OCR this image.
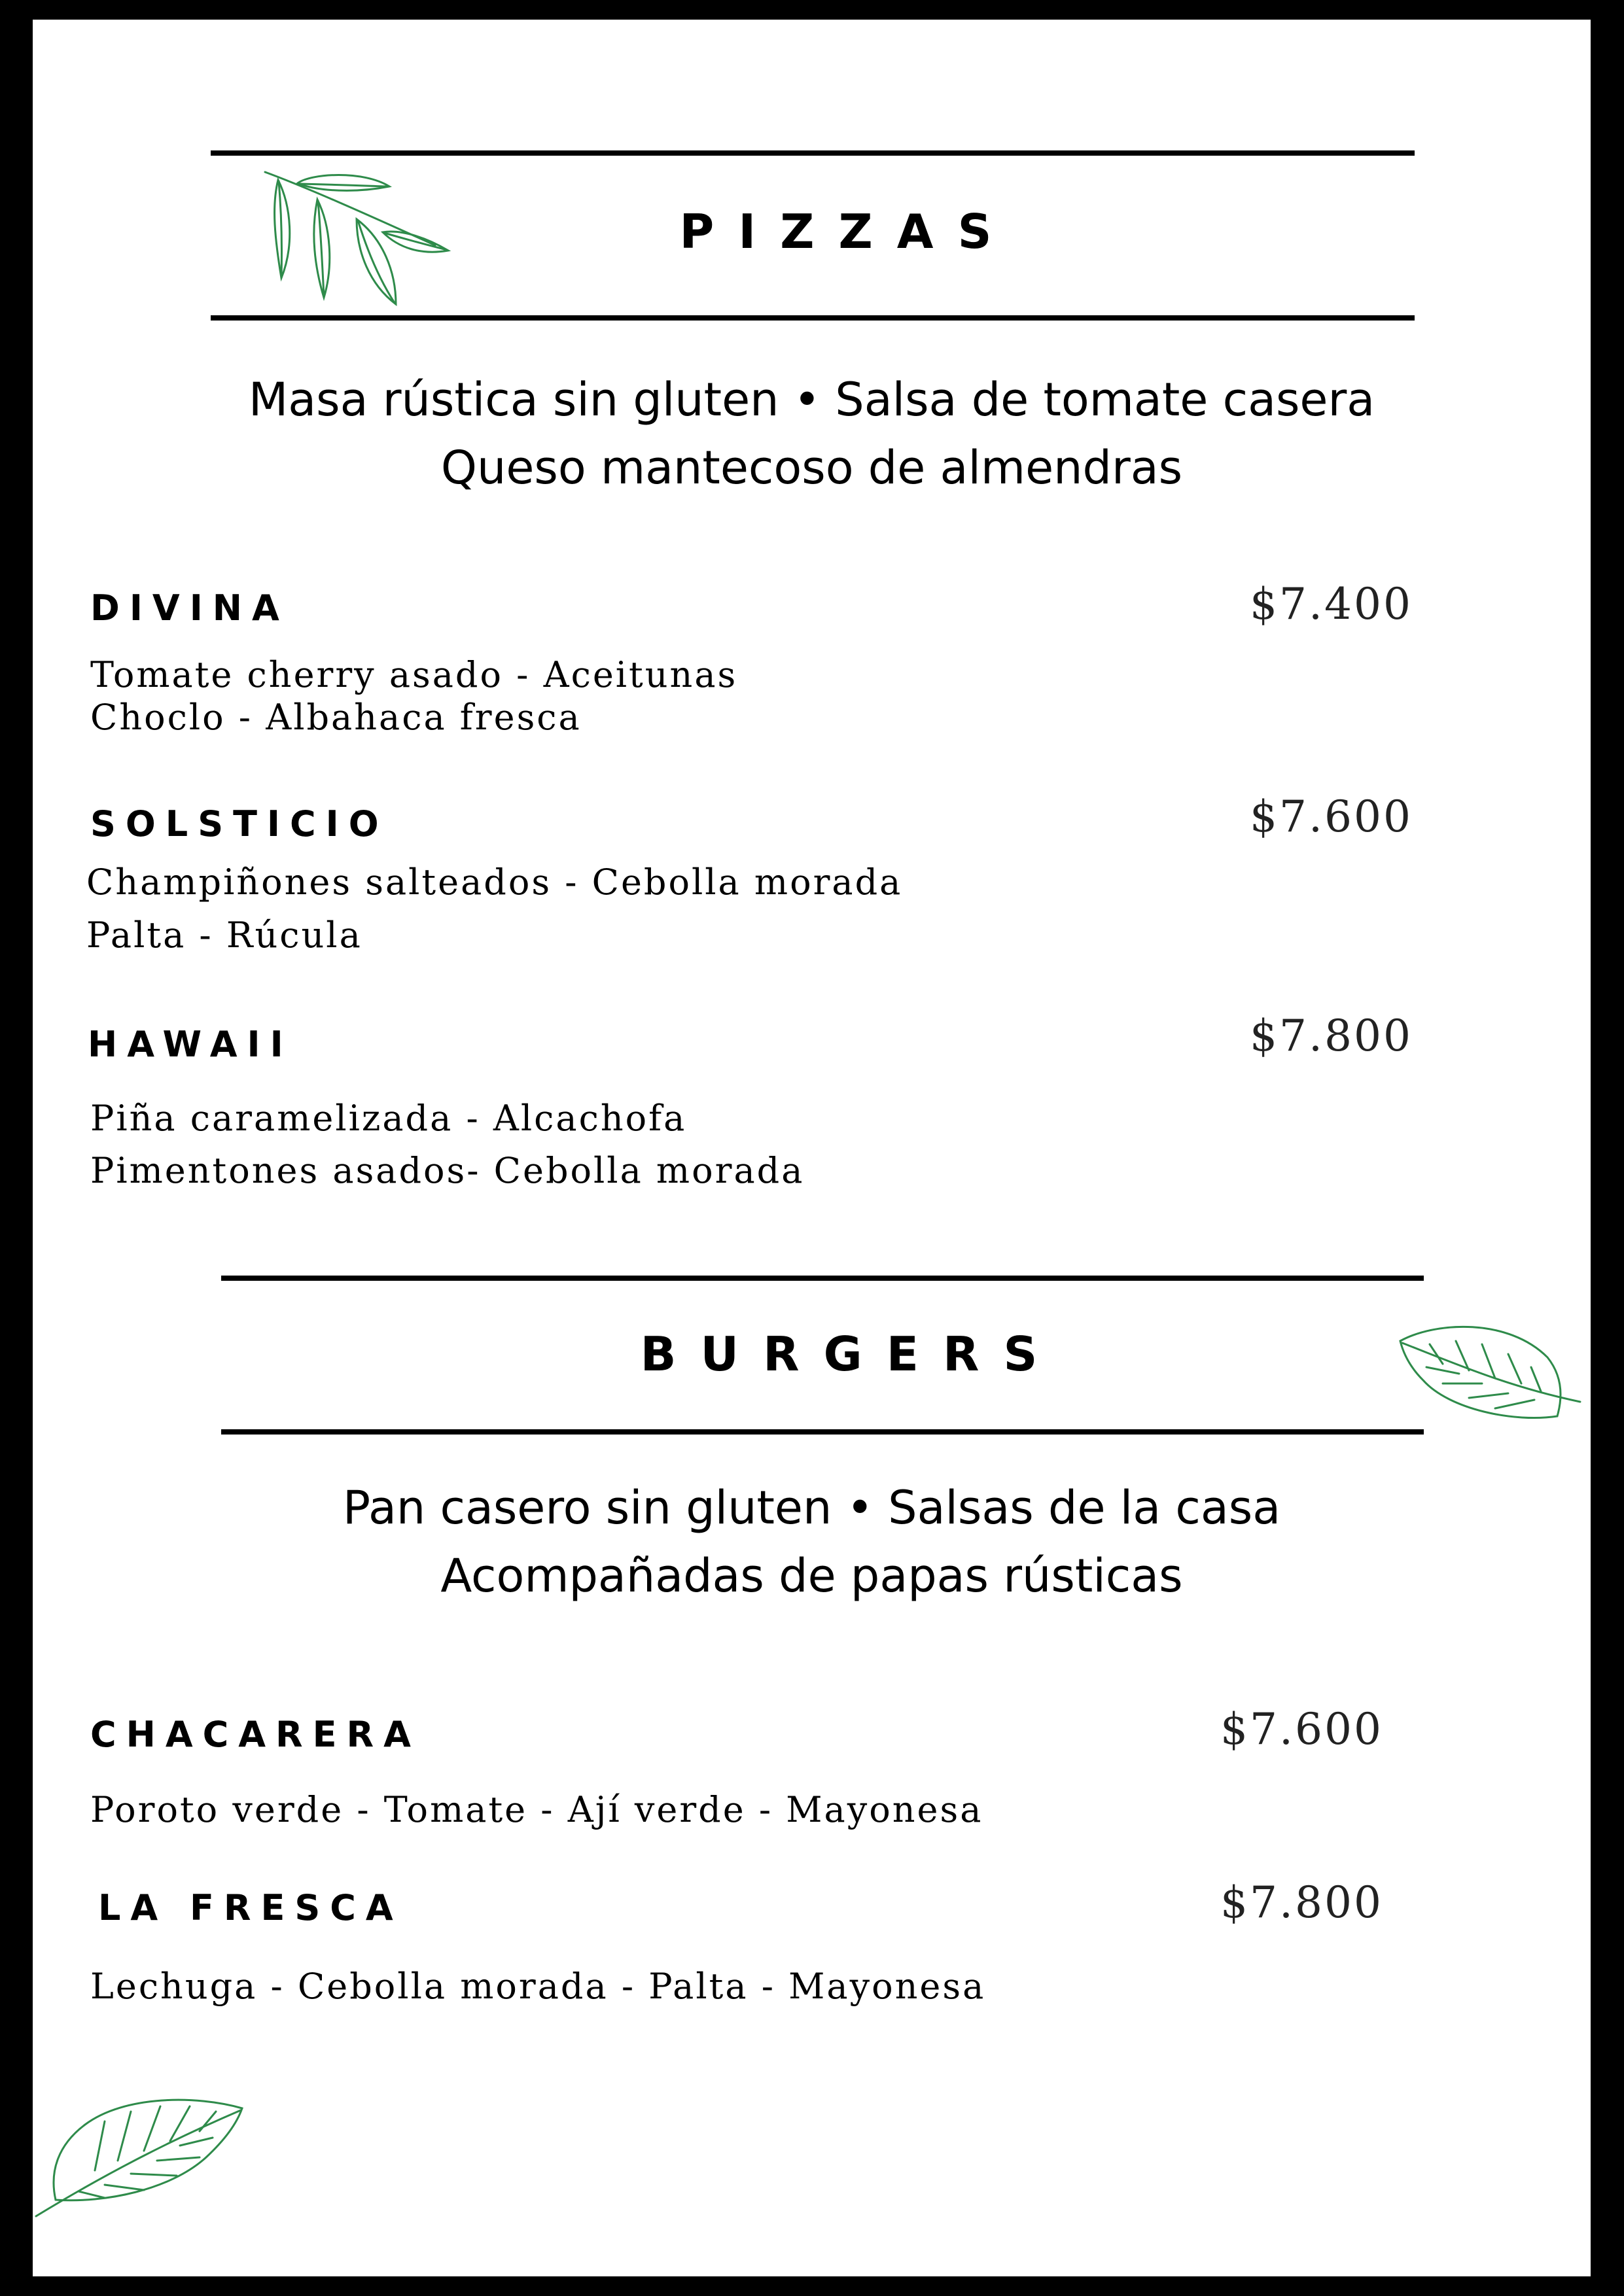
P I Z Z A S
Masa rústica sin gluten • Salsa de tomate casera
Queso mantecoso de almendras
DIVINA	$7.400
Tomate cherry asado - Aceitunas
Choclo - Albahaca fresca
SOLSTICIO	$7.600
Champiñones salteados - Cebolla morada
Palta - Rúcula
HAWAII	$7.800
Piña caramelizada - Alcachofa
Pimentones asados- Cebolla morada
B U R G E R S
Pan casero sin gluten • Salsas de la casa
Acompañadas de papas rústicas
CHACARERA	$7.600
Poroto verde - Tomate - Ají verde - Mayonesa
LA FRESCA	$7.800
Lechuga - Cebolla morada - Palta - Mayonesa
